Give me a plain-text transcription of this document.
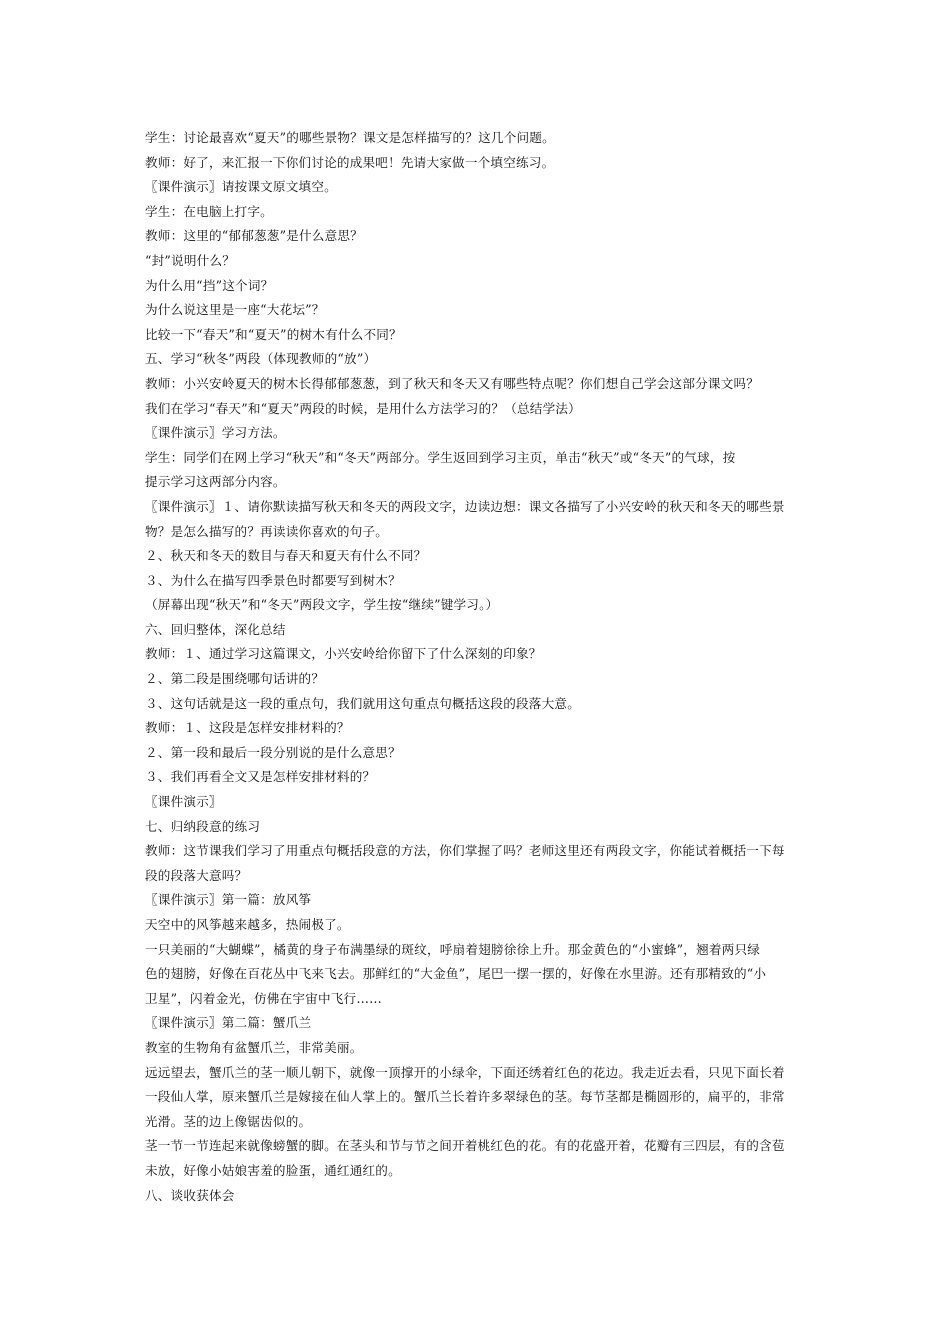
学生：讨论最喜欢“夏天”的哪些景物？课文是怎样描写的？这几个问题。

教师：好了，来汇报一下你们讨论的成果吧！先请大家做一个填空练习。

〖课件演示〗请按课文原文填空。

学生：在电脑上打字。

教师：这里的“郁郁葱葱”是什么意思？

“封”说明什么？

为什么用“挡”这个词？

为什么说这里是一座“大花坛”？

比较一下“春天”和“夏天”的树木有什么不同？

五、学习“秋冬”两段（体现教师的“放”）

教师：小兴安岭夏天的树木长得郁郁葱葱，到了秋天和冬天又有哪些特点呢？你们想自己学会这部分课文吗？

我们在学习“春天”和“夏天”两段的时候，是用什么方法学习的？（总结学法）

〖课件演示〗学习方法。

学生：同学们在网上学习“秋天”和“冬天”两部分。学生返回到学习主页，单击“秋天”或“冬天”的气球，按

提示学习这两部分内容。

〖课件演示〗１、请你默读描写秋天和冬天的两段文字，边读边想：课文各描写了小兴安岭的秋天和冬天的哪些景

物？是怎么描写的？再读读你喜欢的句子。

２、秋天和冬天的数目与春天和夏天有什么不同？

３、为什么在描写四季景色时都要写到树木？

（屏幕出现“秋天”和“冬天”两段文字，学生按“继续”键学习。）

六、回归整体，深化总结

教师：１、通过学习这篇课文，小兴安岭给你留下了什么深刻的印象？

２、第二段是围绕哪句话讲的？

３、这句话就是这一段的重点句，我们就用这句重点句概括这段的段落大意。

教师：１、这段是怎样安排材料的？

２、第一段和最后一段分别说的是什么意思？

３、我们再看全文又是怎样安排材料的？

〖课件演示〗

七、归纳段意的练习

教师：这节课我们学习了用重点句概括段意的方法，你们掌握了吗？老师这里还有两段文字，你能试着概括一下每

段的段落大意吗？

〖课件演示〗第一篇：放风筝

天空中的风筝越来越多，热闹极了。

一只美丽的“大蝴蝶”，橘黄的身子布满墨绿的斑纹，呼扇着翅膀徐徐上升。那金黄色的“小蜜蜂”，翘着两只绿

色的翅膀，好像在百花丛中飞来飞去。那鲜红的“大金鱼”，尾巴一摆一摆的，好像在水里游。还有那精致的“小

卫星”，闪着金光，仿佛在宇宙中飞行……

〖课件演示〗第二篇：蟹爪兰

教室的生物角有盆蟹爪兰，非常美丽。

远远望去，蟹爪兰的茎一顺儿朝下，就像一顶撑开的小绿伞，下面还绣着红色的花边。我走近去看，只见下面长着

一段仙人掌，原来蟹爪兰是嫁接在仙人掌上的。蟹爪兰长着许多翠绿色的茎。每节茎都是椭圆形的，扁平的，非常

光滑。茎的边上像锯齿似的。

茎一节一节连起来就像螃蟹的脚。在茎头和节与节之间开着桃红色的花。有的花盛开着，花瓣有三四层，有的含苞

未放，好像小姑娘害羞的脸蛋，通红通红的。

八、谈收获体会
